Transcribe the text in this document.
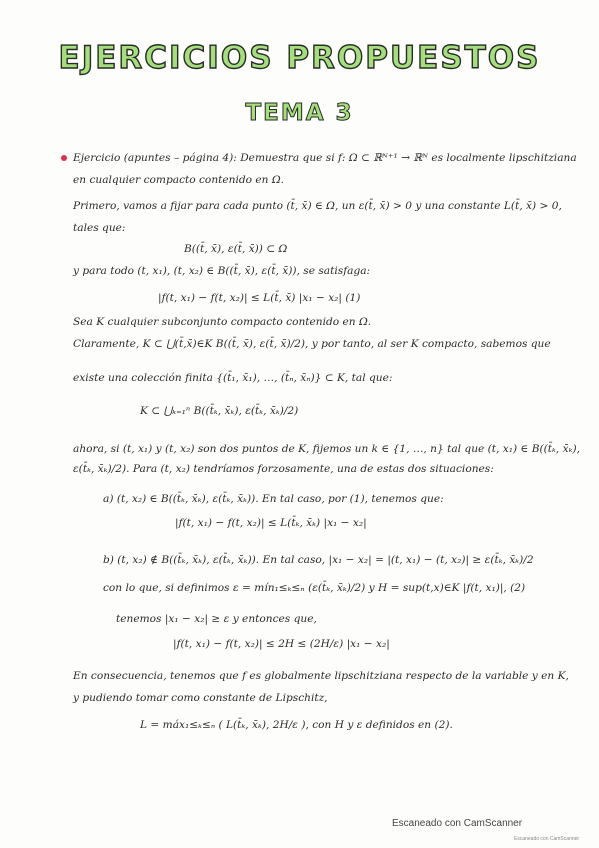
EJERCICIOS PROPUESTOS
TEMA 3
Ejercicio (apuntes – página 4): Demuestra que si f: Ω ⊂ ℝᴺ⁺¹ → ℝᴺ es localmente lipschitziana
en cualquier compacto contenido en Ω.
Primero, vamos a fijar para cada punto (t̄, x̄) ∈ Ω, un ε(t̄, x̄) > 0 y una constante L(t̄, x̄) > 0,
tales que:
B((t̄, x̄), ε(t̄, x̄)) ⊂ Ω
y para todo (t, x₁), (t, x₂) ∈ B((t̄, x̄), ε(t̄, x̄)), se satisfaga:
|f(t, x₁) − f(t, x₂)| ≤ L(t̄, x̄) |x₁ − x₂| (1)
Sea K cualquier subconjunto compacto contenido en Ω.
Claramente, K ⊂ ⋃(t̄,x̄)∈K B((t̄, x̄), ε(t̄, x̄)/2), y por tanto, al ser K compacto, sabemos que
existe una colección finita {(t̄₁, x̄₁), …, (t̄ₙ, x̄ₙ)} ⊂ K, tal que:
K ⊂ ⋃ₖ₌₁ⁿ B((t̄ₖ, x̄ₖ), ε(t̄ₖ, x̄ₖ)/2)
ahora, si (t, x₁) y (t, x₂) son dos puntos de K, fijemos un k ∈ {1, …, n} tal que (t, x₁) ∈ B((t̄ₖ, x̄ₖ),
ε(t̄ₖ, x̄ₖ)/2). Para (t, x₂) tendríamos forzosamente, una de estas dos situaciones:
a) (t, x₂) ∈ B((t̄ₖ, x̄ₖ), ε(t̄ₖ, x̄ₖ)). En tal caso, por (1), tenemos que:
|f(t, x₁) − f(t, x₂)| ≤ L(t̄ₖ, x̄ₖ) |x₁ − x₂|
b) (t, x₂) ∉ B((t̄ₖ, x̄ₖ), ε(t̄ₖ, x̄ₖ)). En tal caso, |x₁ − x₂| = |(t, x₁) − (t, x₂)| ≥ ε(t̄ₖ, x̄ₖ)/2
con lo que, si definimos ε = mín₁≤ₖ≤ₙ (ε(t̄ₖ, x̄ₖ)/2) y H = sup(t,x)∈K |f(t, x₁)|, (2)
tenemos |x₁ − x₂| ≥ ε y entonces que,
|f(t, x₁) − f(t, x₂)| ≤ 2H ≤ (2H/ε) |x₁ − x₂|
En consecuencia, tenemos que f es globalmente lipschitziana respecto de la variable y en K,
y pudiendo tomar como constante de Lipschitz,
L = máx₁≤ₖ≤ₙ ( L(t̄ₖ, x̄ₖ), 2H/ε ), con H y ε definidos en (2).
Escaneado con CamScanner
Escaneado con CamScanner
